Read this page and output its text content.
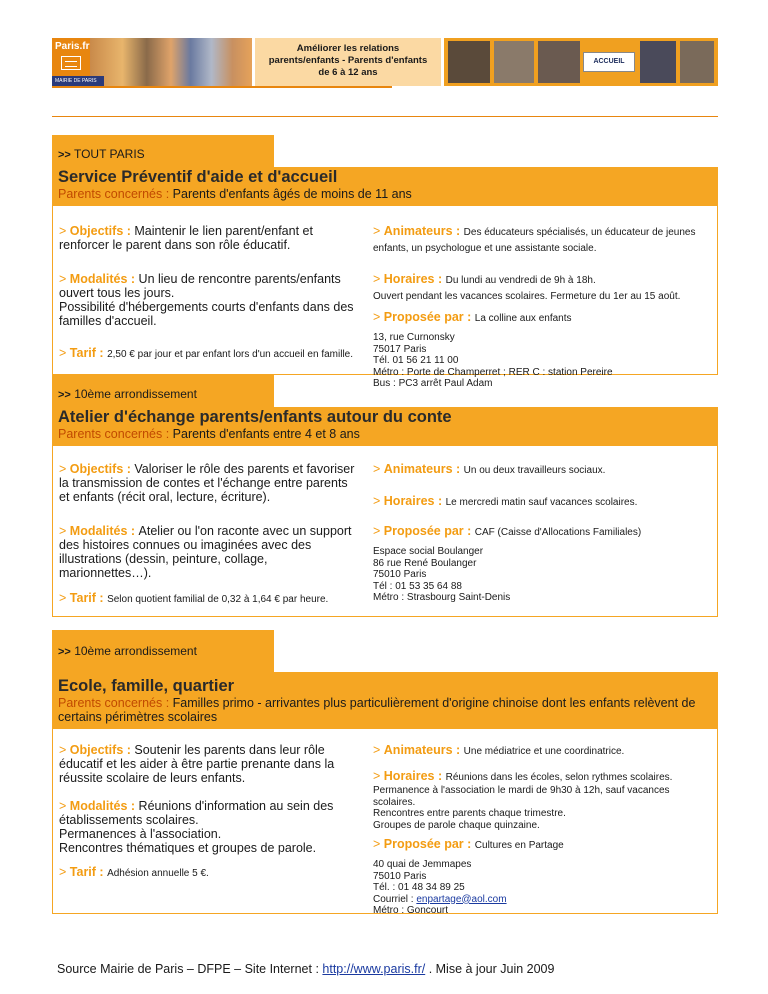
Paris.fr	Améliorer les relations
parents/enfants - Parents d'enfants
de 6 à 12 ans
ACCUEIL
MAIRIE DE PARIS
>> TOUT PARIS
Service Préventif d'aide et d'accueil
Parents concernés : Parents d'enfants âgés de moins de 11 ans
> Objectifs : Maintenir le lien parent/enfant et renforcer le parent dans son rôle éducatif.
> Modalités : Un lieu de rencontre parents/enfants ouvert tous les jours.
Possibilité d'hébergements courts d'enfants dans des familles d'accueil.
> Tarif : 2,50 € par jour et par enfant lors d'un accueil en famille.
> Animateurs : Des éducateurs spécialisés, un éducateur de jeunes enfants, un psychologue et une assistante sociale.
> Horaires : Du lundi au vendredi de 9h à 18h.
Ouvert pendant les vacances scolaires. Fermeture du 1er au 15 août.
> Proposée par : La colline aux enfants
13, rue Curnonsky
75017 Paris
Tél. 01 56 21 11 00
Métro : Porte de Champerret ; RER C : station Pereire
Bus : PC3 arrêt Paul Adam
>> 10ème arrondissement
Atelier d'échange parents/enfants autour du conte
Parents concernés : Parents d'enfants entre 4 et 8 ans
> Objectifs : Valoriser le rôle des parents et favoriser la transmission de contes et l'échange entre parents et enfants (récit oral, lecture, écriture).
> Modalités : Atelier ou l'on raconte avec un support des histoires connues ou imaginées avec des illustrations (dessin, peinture, collage, marionnettes…).
> Tarif : Selon quotient familial de 0,32 à 1,64 € par heure.
> Animateurs : Un ou deux travailleurs sociaux.
> Horaires : Le mercredi matin sauf vacances scolaires.
> Proposée par : CAF (Caisse d'Allocations Familiales)
Espace social Boulanger
86 rue René Boulanger
75010 Paris
Tél : 01 53 35 64 88
Métro : Strasbourg Saint-Denis
>> 10ème arrondissement
Ecole, famille, quartier
Parents concernés : Familles primo - arrivantes plus particulièrement d'origine chinoise dont les enfants relèvent de certains périmètres scolaires
> Objectifs : Soutenir les parents dans leur rôle éducatif et les aider à être partie prenante dans la réussite scolaire de leurs enfants.
> Modalités : Réunions d'information au sein des établissements scolaires.
Permanences à l'association.
Rencontres thématiques et groupes de parole.
> Tarif : Adhésion annuelle 5 €.
> Animateurs : Une médiatrice et une coordinatrice.
> Horaires : Réunions dans les écoles, selon rythmes scolaires.
Permanence à l'association le mardi de 9h30 à 12h, sauf vacances scolaires.
Rencontres entre parents chaque trimestre.
Groupes de parole chaque quinzaine.
> Proposée par : Cultures en Partage
40 quai de Jemmapes
75010 Paris
Tél. : 01 48 34 89 25
Courriel : enpartage@aol.com
Métro : Goncourt
Source Mairie de Paris – DFPE – Site Internet : http://www.paris.fr/ . Mise à jour Juin 2009
